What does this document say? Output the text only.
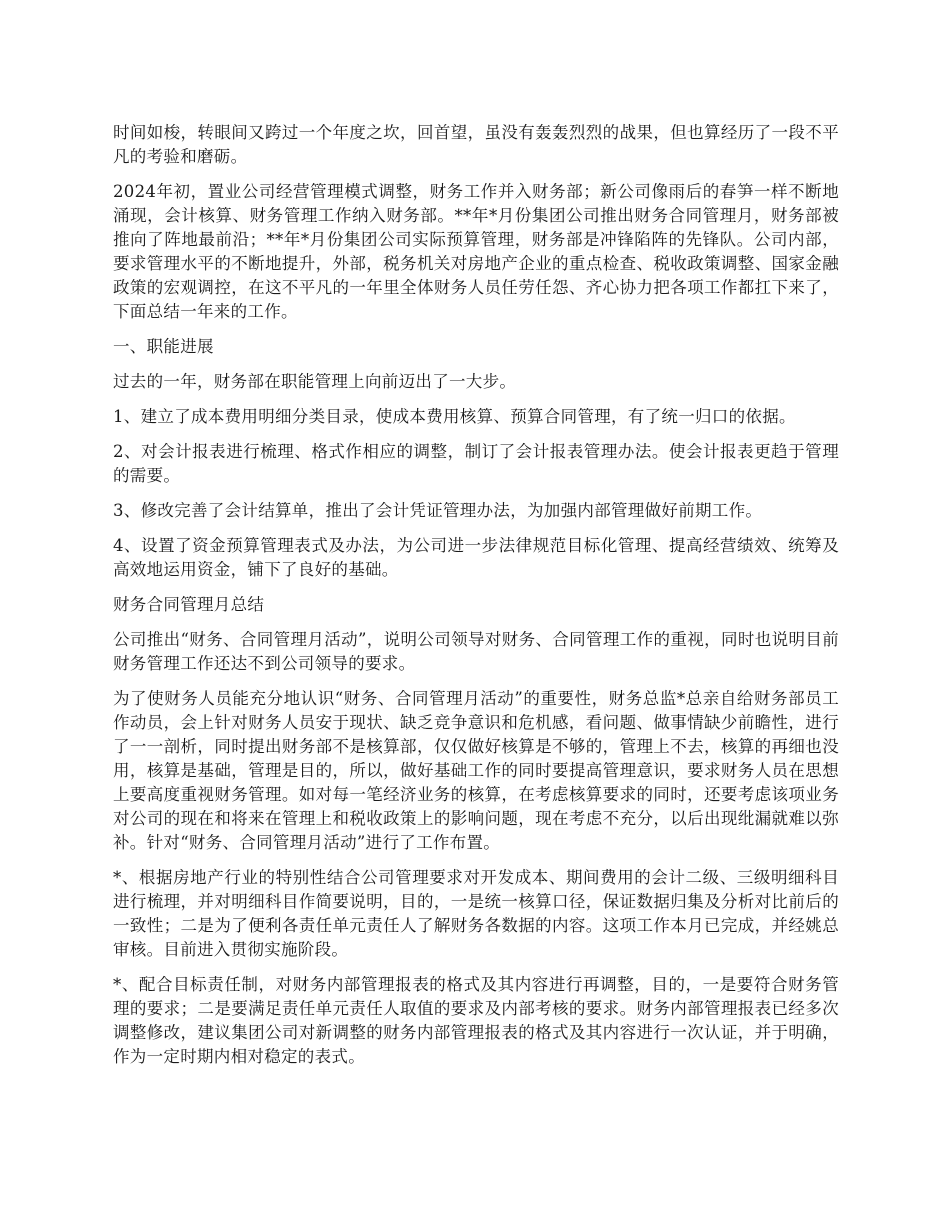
时间如梭，转眼间又跨过一个年度之坎，回首望，虽没有轰轰烈烈的战果，但也算经历了一段不平凡的考验和磨砺。

2024年初，置业公司经营管理模式调整，财务工作并入财务部；新公司像雨后的春笋一样不断地涌现，会计核算、财务管理工作纳入财务部。**年*月份集团公司推出财务合同管理月，财务部被推向了阵地最前沿；**年*月份集团公司实际预算管理，财务部是冲锋陷阵的先锋队。公司内部，要求管理水平的不断地提升，外部，税务机关对房地产企业的重点检查、税收政策调整、国家金融政策的宏观调控，在这不平凡的一年里全体财务人员任劳任怨、齐心协力把各项工作都扛下来了，下面总结一年来的工作。

一、职能进展

过去的一年，财务部在职能管理上向前迈出了一大步。

1、建立了成本费用明细分类目录，使成本费用核算、预算合同管理，有了统一归口的依据。

2、对会计报表进行梳理、格式作相应的调整，制订了会计报表管理办法。使会计报表更趋于管理的需要。

3、修改完善了会计结算单，推出了会计凭证管理办法，为加强内部管理做好前期工作。

4、设置了资金预算管理表式及办法，为公司进一步法律规范目标化管理、提高经营绩效、统筹及高效地运用资金，铺下了良好的基础。

财务合同管理月总结

公司推出“财务、合同管理月活动”，说明公司领导对财务、合同管理工作的重视，同时也说明目前财务管理工作还达不到公司领导的要求。

为了使财务人员能充分地认识“财务、合同管理月活动”的重要性，财务总监*总亲自给财务部员工作动员，会上针对财务人员安于现状、缺乏竞争意识和危机感，看问题、做事情缺少前瞻性，进行了一一剖析，同时提出财务部不是核算部，仅仅做好核算是不够的，管理上不去，核算的再细也没用，核算是基础，管理是目的，所以，做好基础工作的同时要提高管理意识，要求财务人员在思想上要高度重视财务管理。如对每一笔经济业务的核算，在考虑核算要求的同时，还要考虑该项业务对公司的现在和将来在管理上和税收政策上的影响问题，现在考虑不充分，以后出现纰漏就难以弥补。针对“财务、合同管理月活动”进行了工作布置。

*、根据房地产行业的特别性结合公司管理要求对开发成本、期间费用的会计二级、三级明细科目进行梳理，并对明细科目作简要说明，目的，一是统一核算口径，保证数据归集及分析对比前后的一致性；二是为了便利各责任单元责任人了解财务各数据的内容。这项工作本月已完成，并经姚总审核。目前进入贯彻实施阶段。

*、配合目标责任制，对财务内部管理报表的格式及其内容进行再调整，目的，一是要符合财务管理的要求；二是要满足责任单元责任人取值的要求及内部考核的要求。财务内部管理报表已经多次调整修改，建议集团公司对新调整的财务内部管理报表的格式及其内容进行一次认证，并于明确，作为一定时期内相对稳定的表式。
